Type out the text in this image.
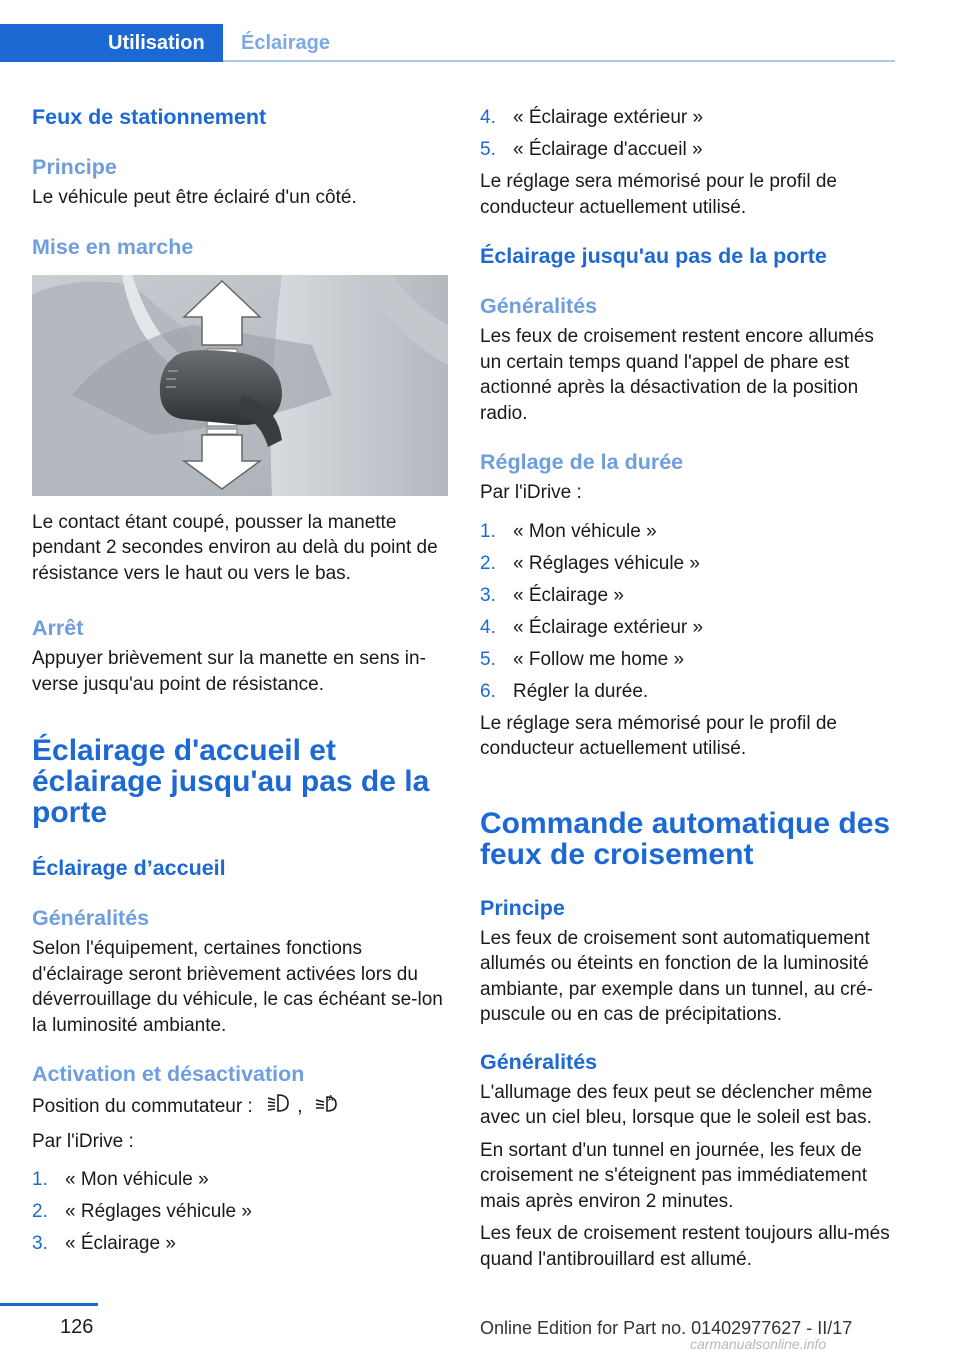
Utilisation	Éclairage
Feux de stationnement
Principe
Le véhicule peut être éclairé d'un côté.
Mise en marche
Le contact étant coupé, pousser la manette pendant 2 secondes environ au delà du point de résistance vers le haut ou vers le bas.
Arrêt
Appuyer brièvement sur la manette en sens in-verse jusqu'au point de résistance.
Éclairage d'accueil et éclairage jusqu'au pas de la porte
Éclairage d’accueil
Généralités
Selon l'équipement, certaines fonctions d'éclairage seront brièvement activées lors du déverrouillage du véhicule, le cas échéant se-lon la luminosité ambiante.
Activation et désactivation
Position du commutateur : ,	A
Par l'iDrive :
1. « Mon véhicule »
2. « Réglages véhicule »
3. « Éclairage »
4. « Éclairage extérieur »
5. « Éclairage d'accueil »
Le réglage sera mémorisé pour le profil de conducteur actuellement utilisé.
Éclairage jusqu'au pas de la porte
Généralités
Les feux de croisement restent encore allumés un certain temps quand l'appel de phare est actionné après la désactivation de la position radio.
Réglage de la durée
Par l'iDrive :
1. « Mon véhicule »
2. « Réglages véhicule »
3. « Éclairage »
4. « Éclairage extérieur »
5. « Follow me home »
6. Régler la durée.
Le réglage sera mémorisé pour le profil de conducteur actuellement utilisé.
Commande automatique des feux de croisement
Principe
Les feux de croisement sont automatiquement allumés ou éteints en fonction de la luminosité ambiante, par exemple dans un tunnel, au cré-puscule ou en cas de précipitations.
Généralités
L'allumage des feux peut se déclencher même avec un ciel bleu, lorsque que le soleil est bas.
En sortant d'un tunnel en journée, les feux de croisement ne s'éteignent pas immédiatement mais après environ 2 minutes.
Les feux de croisement restent toujours allu-més quand l'antibrouillard est allumé.
126	Online Edition for Part no. 01402977627 - II/17
carmanualsonline.info
